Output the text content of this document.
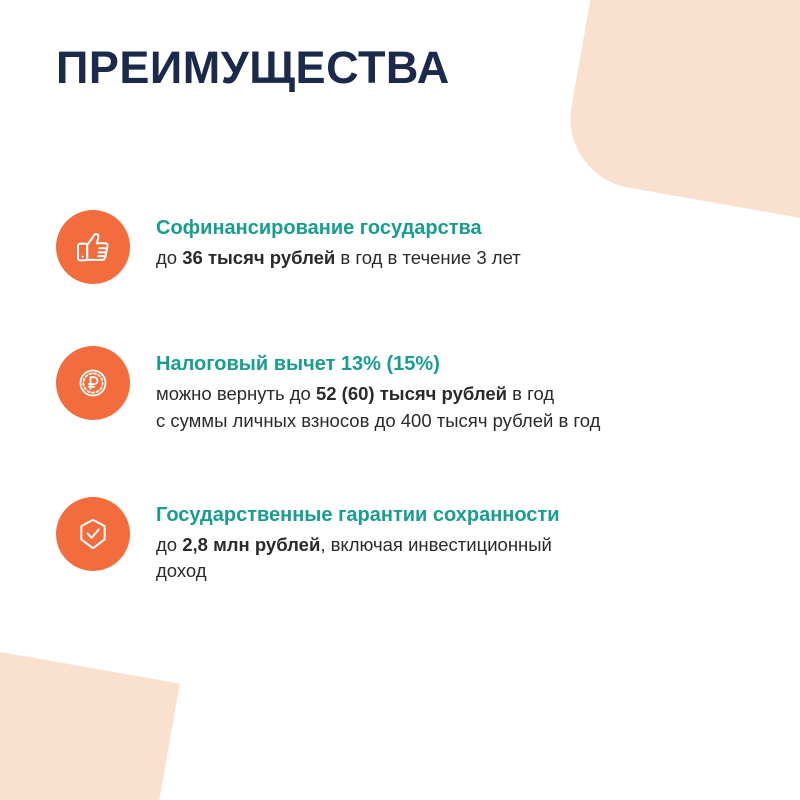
ПРЕИМУЩЕСТВА

Софинансирование государства

до 36 тысяч рублей в год в течение 3 лет

Налоговый вычет 13% (15%)

можно вернуть до 52 (60) тысяч рублей в год
с суммы личных взносов до 400 тысяч рублей в год

Государственные гарантии сохранности

до 2,8 млн рублей, включая инвестиционный
доход
